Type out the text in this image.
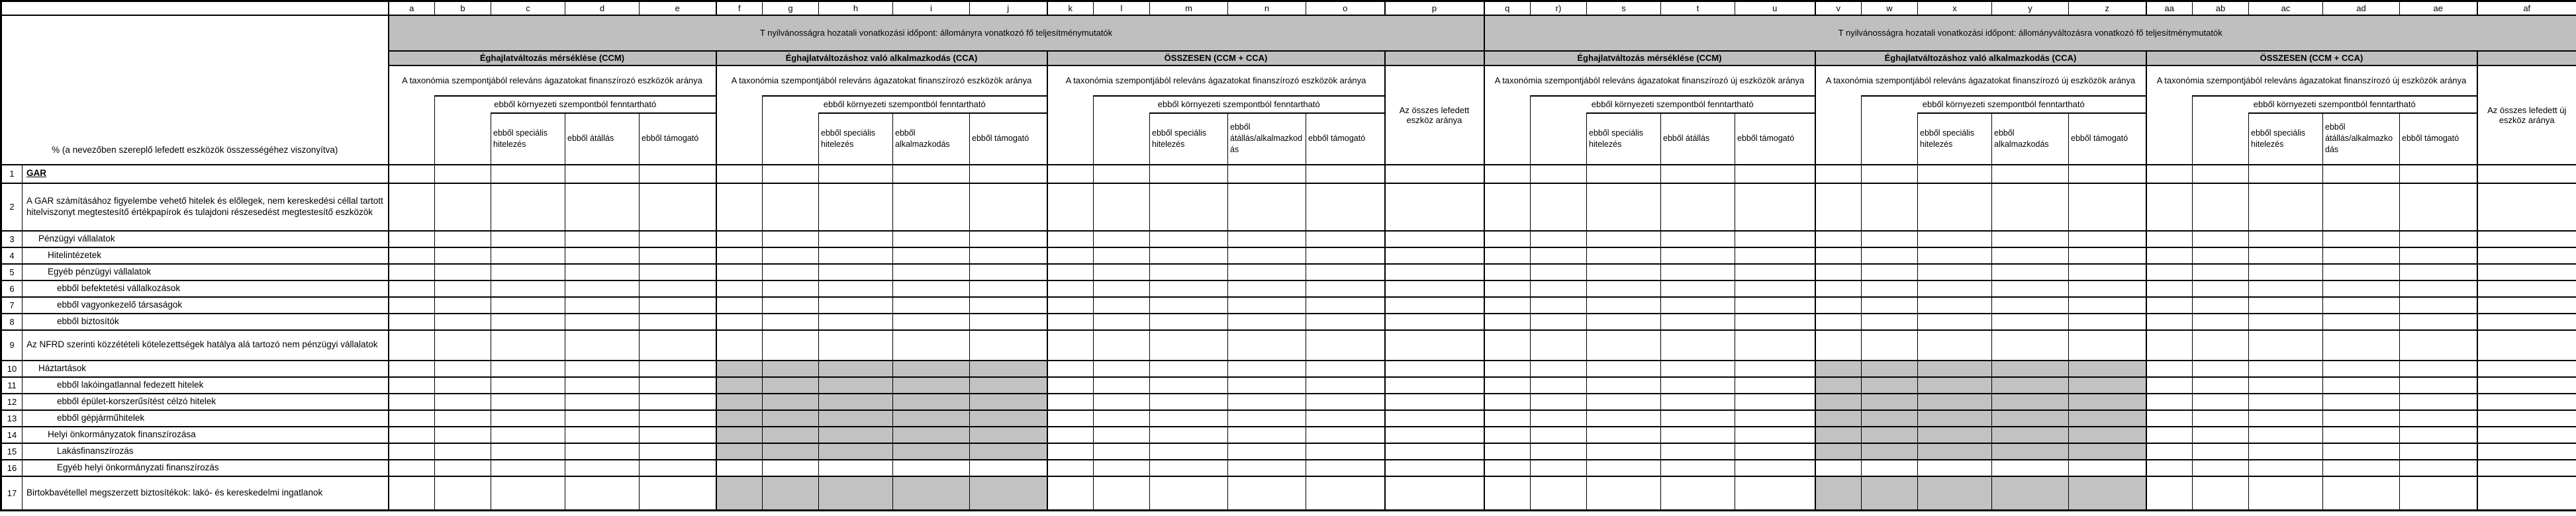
		a	b	c	d	e	f	g	h	i	j	k	l	m	n	o	p	q	r)	s	t	u	v	w	x	y	z	aa	ab	ac	ad	ae	af
% (a nevezőben szereplő lefedett eszközök összességéhez viszonyítva)		T nyilvánosságra hozatali vonatkozási időpont: állományra vonatkozó fő teljesítménymutatók																T nyilvánosságra hozatali vonatkozási időpont: állományváltozásra vonatkozó fő teljesítménymutatók															
		Éghajlatváltozás mérséklése (CCM)					Éghajlatváltozáshoz való alkalmazkodás (CCA)					ÖSSZESEN (CCM + CCA)						Éghajlatváltozás mérséklése (CCM)					Éghajlatváltozáshoz való alkalmazkodás (CCA)					ÖSSZESEN (CCM + CCA)					
		A taxonómia szempontjából releváns ágazatokat finanszírozó eszközök aránya					A taxonómia szempontjából releváns ágazatokat finanszírozó eszközök aránya					A taxonómia szempontjából releváns ágazatokat finanszírozó eszközök aránya					Az összes lefedett eszköz aránya	A taxonómia szempontjából releváns ágazatokat finanszírozó új eszközök aránya					A taxonómia szempontjából releváns ágazatokat finanszírozó új eszközök aránya					A taxonómia szempontjából releváns ágazatokat finanszírozó új eszközök aránya					Az összes lefedett új eszköz aránya
			ebből környezeti szempontból fenntartható					ebből környezeti szempontból fenntartható					ebből környezeti szempontból fenntartható						ebből környezeti szempontból fenntartható					ebből környezeti szempontból fenntartható					ebből környezeti szempontból fenntartható				
				ebből speciális hitelezés	ebből átállás	ebből támogató			ebből speciális hitelezés	ebből alkalmazkodás	ebből támogató			ebből speciális hitelezés	ebből átállás/alkalmazkodás	ebből támogató				ebből speciális hitelezés	ebből átállás	ebből támogató			ebből speciális hitelezés	ebből alkalmazkodás	ebből támogató			ebből speciális hitelezés	ebből átállás/alkalmazkodás	ebből támogató	
1	GAR																																
2	A GAR számításához figyelembe vehető hitelek és előlegek, nem kereskedési céllal tartott hitelviszonyt megtestesítő értékpapírok és tulajdoni részesedést megtestesítő eszközök																																
3	Pénzügyi vállalatok																																
4	Hitelintézetek																																
5	Egyéb pénzügyi vállalatok																																
6	ebből befektetési vállalkozások																																
7	ebből vagyonkezelő társaságok																																
8	ebből biztosítók																																
9	Az NFRD szerinti közzétételi kötelezettségek hatálya alá tartozó nem pénzügyi vállalatok																																
10	Háztartások																																
11	ebből lakóingatlannal fedezett hitelek																																
12	ebből épület-korszerűsítést célzó hitelek																																
13	ebből gépjárműhitelek																																
14	Helyi önkormányzatok finanszírozása																																
15	Lakásfinanszírozás																																
16	Egyéb helyi önkormányzati finanszírozás																																
17	Birtokbavétellel megszerzett biztosítékok: lakó- és kereskedelmi ingatlanok																																
